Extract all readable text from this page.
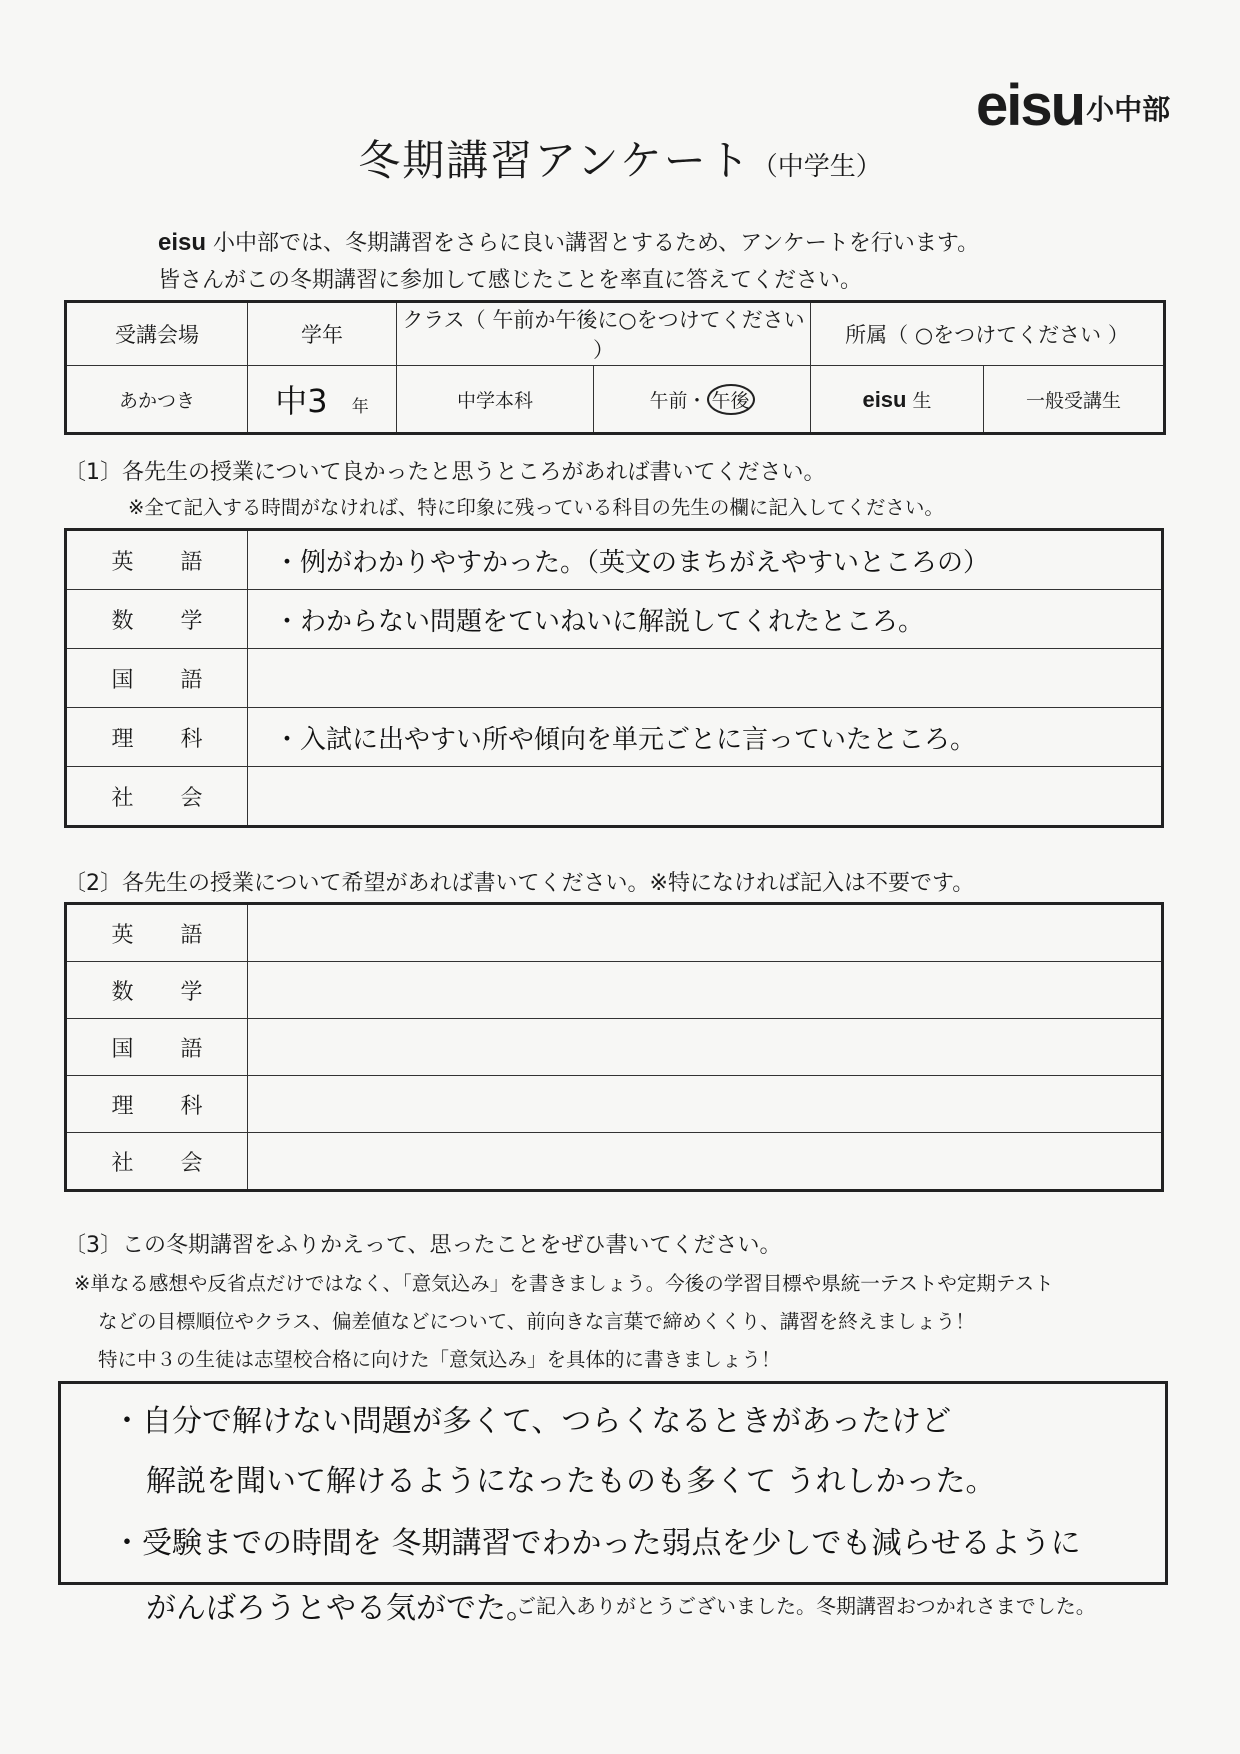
eisu小中部
冬期講習アンケート（中学生）
eisu 小中部では、冬期講習をさらに良い講習とするため、アンケートを行います。
皆さんがこの冬期講習に参加して感じたことを率直に答えてください。
受講会場	学年	クラス（ 午前か午後に○をつけてください ）		所属（ ○をつけてください ）	
あかつき	中3 年	中学本科	午前・ 午後	eisu 生	一般受講生
〔1〕各先生の授業について良かったと思うところがあれば書いてください。
※全て記入する時間がなければ、特に印象に残っている科目の先生の欄に記入してください。
英 語	・例がわかりやすかった。（英文のまちがえやすいところの）
数 学	・わからない問題をていねいに解説してくれたところ。
国 語	
理 科	・入試に出やすい所や傾向を単元ごとに言っていたところ。
社 会	
〔2〕各先生の授業について希望があれば書いてください。※特になければ記入は不要です。
英 語	
数 学	
国 語	
理 科	
社 会	
〔3〕この冬期講習をふりかえって、思ったことをぜひ書いてください。
※単なる感想や反省点だけではなく、「意気込み」を書きましょう。今後の学習目標や県統一テストや定期テスト
などの目標順位やクラス、偏差値などについて、前向きな言葉で締めくくり、講習を終えましょう！
特に中３の生徒は志望校合格に向けた「意気込み」を具体的に書きましょう！
・自分で解けない問題が多くて、つらくなるときがあったけど
解説を聞いて解けるようになったものも多くて うれしかった。
・受験までの時間を 冬期講習でわかった弱点を少しでも減らせるように
がんばろうとやる気がでた。
ご記入ありがとうございました。冬期講習おつかれさまでした。
